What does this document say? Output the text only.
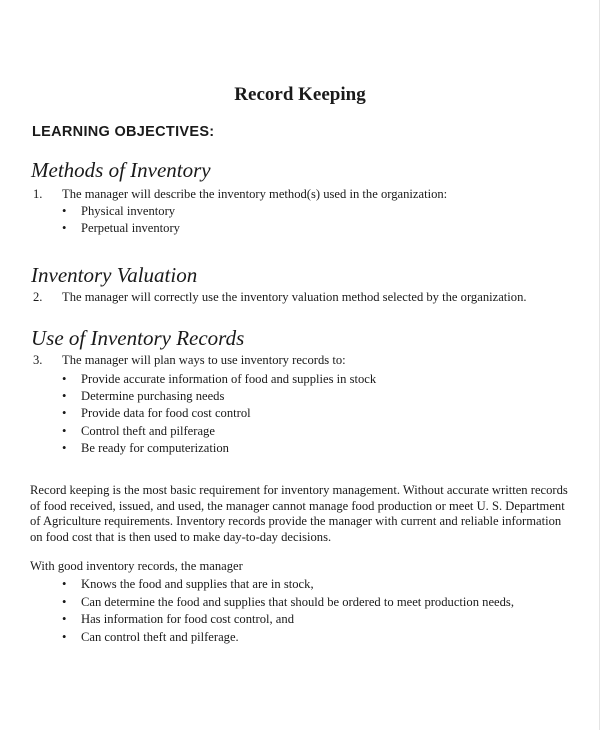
Record Keeping
LEARNING OBJECTIVES:
Methods of Inventory
1. The manager will describe the inventory method(s) used in the organization:
• Physical inventory
• Perpetual inventory
Inventory Valuation
2. The manager will correctly use the inventory valuation method selected by the organization.
Use of Inventory Records
3. The manager will plan ways to use inventory records to:
• Provide accurate information of food and supplies in stock
• Determine purchasing needs
• Provide data for food cost control
• Control theft and pilferage
• Be ready for computerization
Record keeping is the most basic requirement for inventory management. Without accurate written records
of food received, issued, and used, the manager cannot manage food production or meet U. S. Department
of Agriculture requirements. Inventory records provide the manager with current and reliable information
on food cost that is then used to make day-to-day decisions.
With good inventory records, the manager
• Knows the food and supplies that are in stock,
• Can determine the food and supplies that should be ordered to meet production needs,
• Has information for food cost control, and
• Can control theft and pilferage.
